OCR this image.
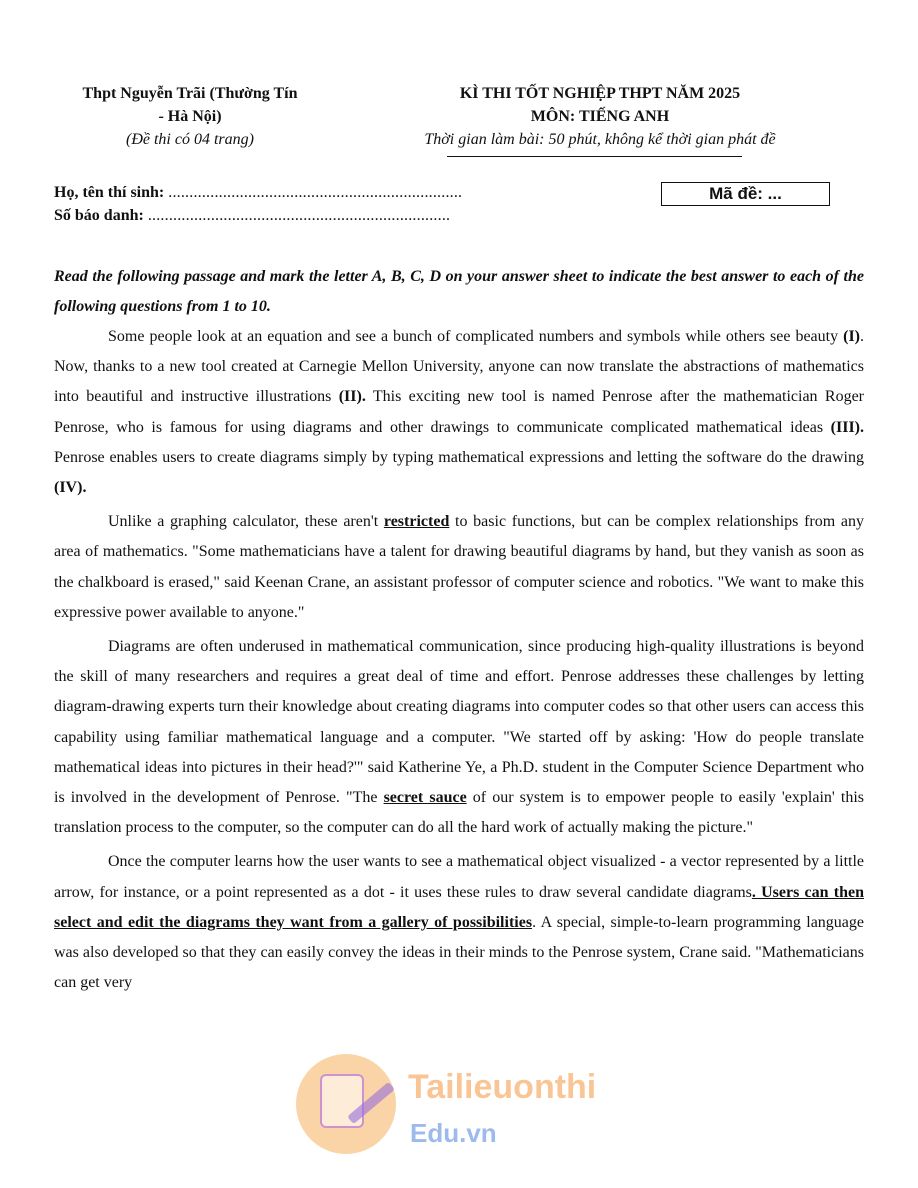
Thpt Nguyễn Trãi (Thường Tín
- Hà Nội)
(Đề thi có 04 trang)
KÌ THI TỐT NGHIỆP THPT NĂM 2025
MÔN: TIẾNG ANH
Thời gian làm bài: 50 phút, không kể thời gian phát đề
Họ, tên thí sinh: ......................................................................
Số báo danh: ........................................................................
Mã đề: ...

Read the following passage and mark the letter A, B, C, D on your answer sheet to indicate the best answer to each of the following questions from 1 to 10.

Some people look at an equation and see a bunch of complicated numbers and symbols while others see beauty (I). Now, thanks to a new tool created at Carnegie Mellon University, anyone can now translate the abstractions of mathematics into beautiful and instructive illustrations (II). This exciting new tool is named Penrose after the mathematician Roger Penrose, who is famous for using diagrams and other drawings to communicate complicated mathematical ideas (III). Penrose enables users to create diagrams simply by typing mathematical expressions and letting the software do the drawing (IV).

Unlike a graphing calculator, these aren't restricted to basic functions, but can be complex relationships from any area of mathematics. "Some mathematicians have a talent for drawing beautiful diagrams by hand, but they vanish as soon as the chalkboard is erased," said Keenan Crane, an assistant professor of computer science and robotics. "We want to make this expressive power available to anyone."

Diagrams are often underused in mathematical communication, since producing high-quality illustrations is beyond the skill of many researchers and requires a great deal of time and effort. Penrose addresses these challenges by letting diagram-drawing experts turn their knowledge about creating diagrams into computer codes so that other users can access this capability using familiar mathematical language and a computer. "We started off by asking: 'How do people translate mathematical ideas into pictures in their head?'" said Katherine Ye, a Ph.D. student in the Computer Science Department who is involved in the development of Penrose. "The secret sauce of our system is to empower people to easily 'explain' this translation process to the computer, so the computer can do all the hard work of actually making the picture."

Once the computer learns how the user wants to see a mathematical object visualized - a vector represented by a little arrow, for instance, or a point represented as a dot - it uses these rules to draw several candidate diagrams. Users can then select and edit the diagrams they want from a gallery of possibilities. A special, simple-to-learn programming language was also developed so that they can easily convey the ideas in their minds to the Penrose system, Crane said. "Mathematicians can get very

Tailieuonthi
Edu.vn
